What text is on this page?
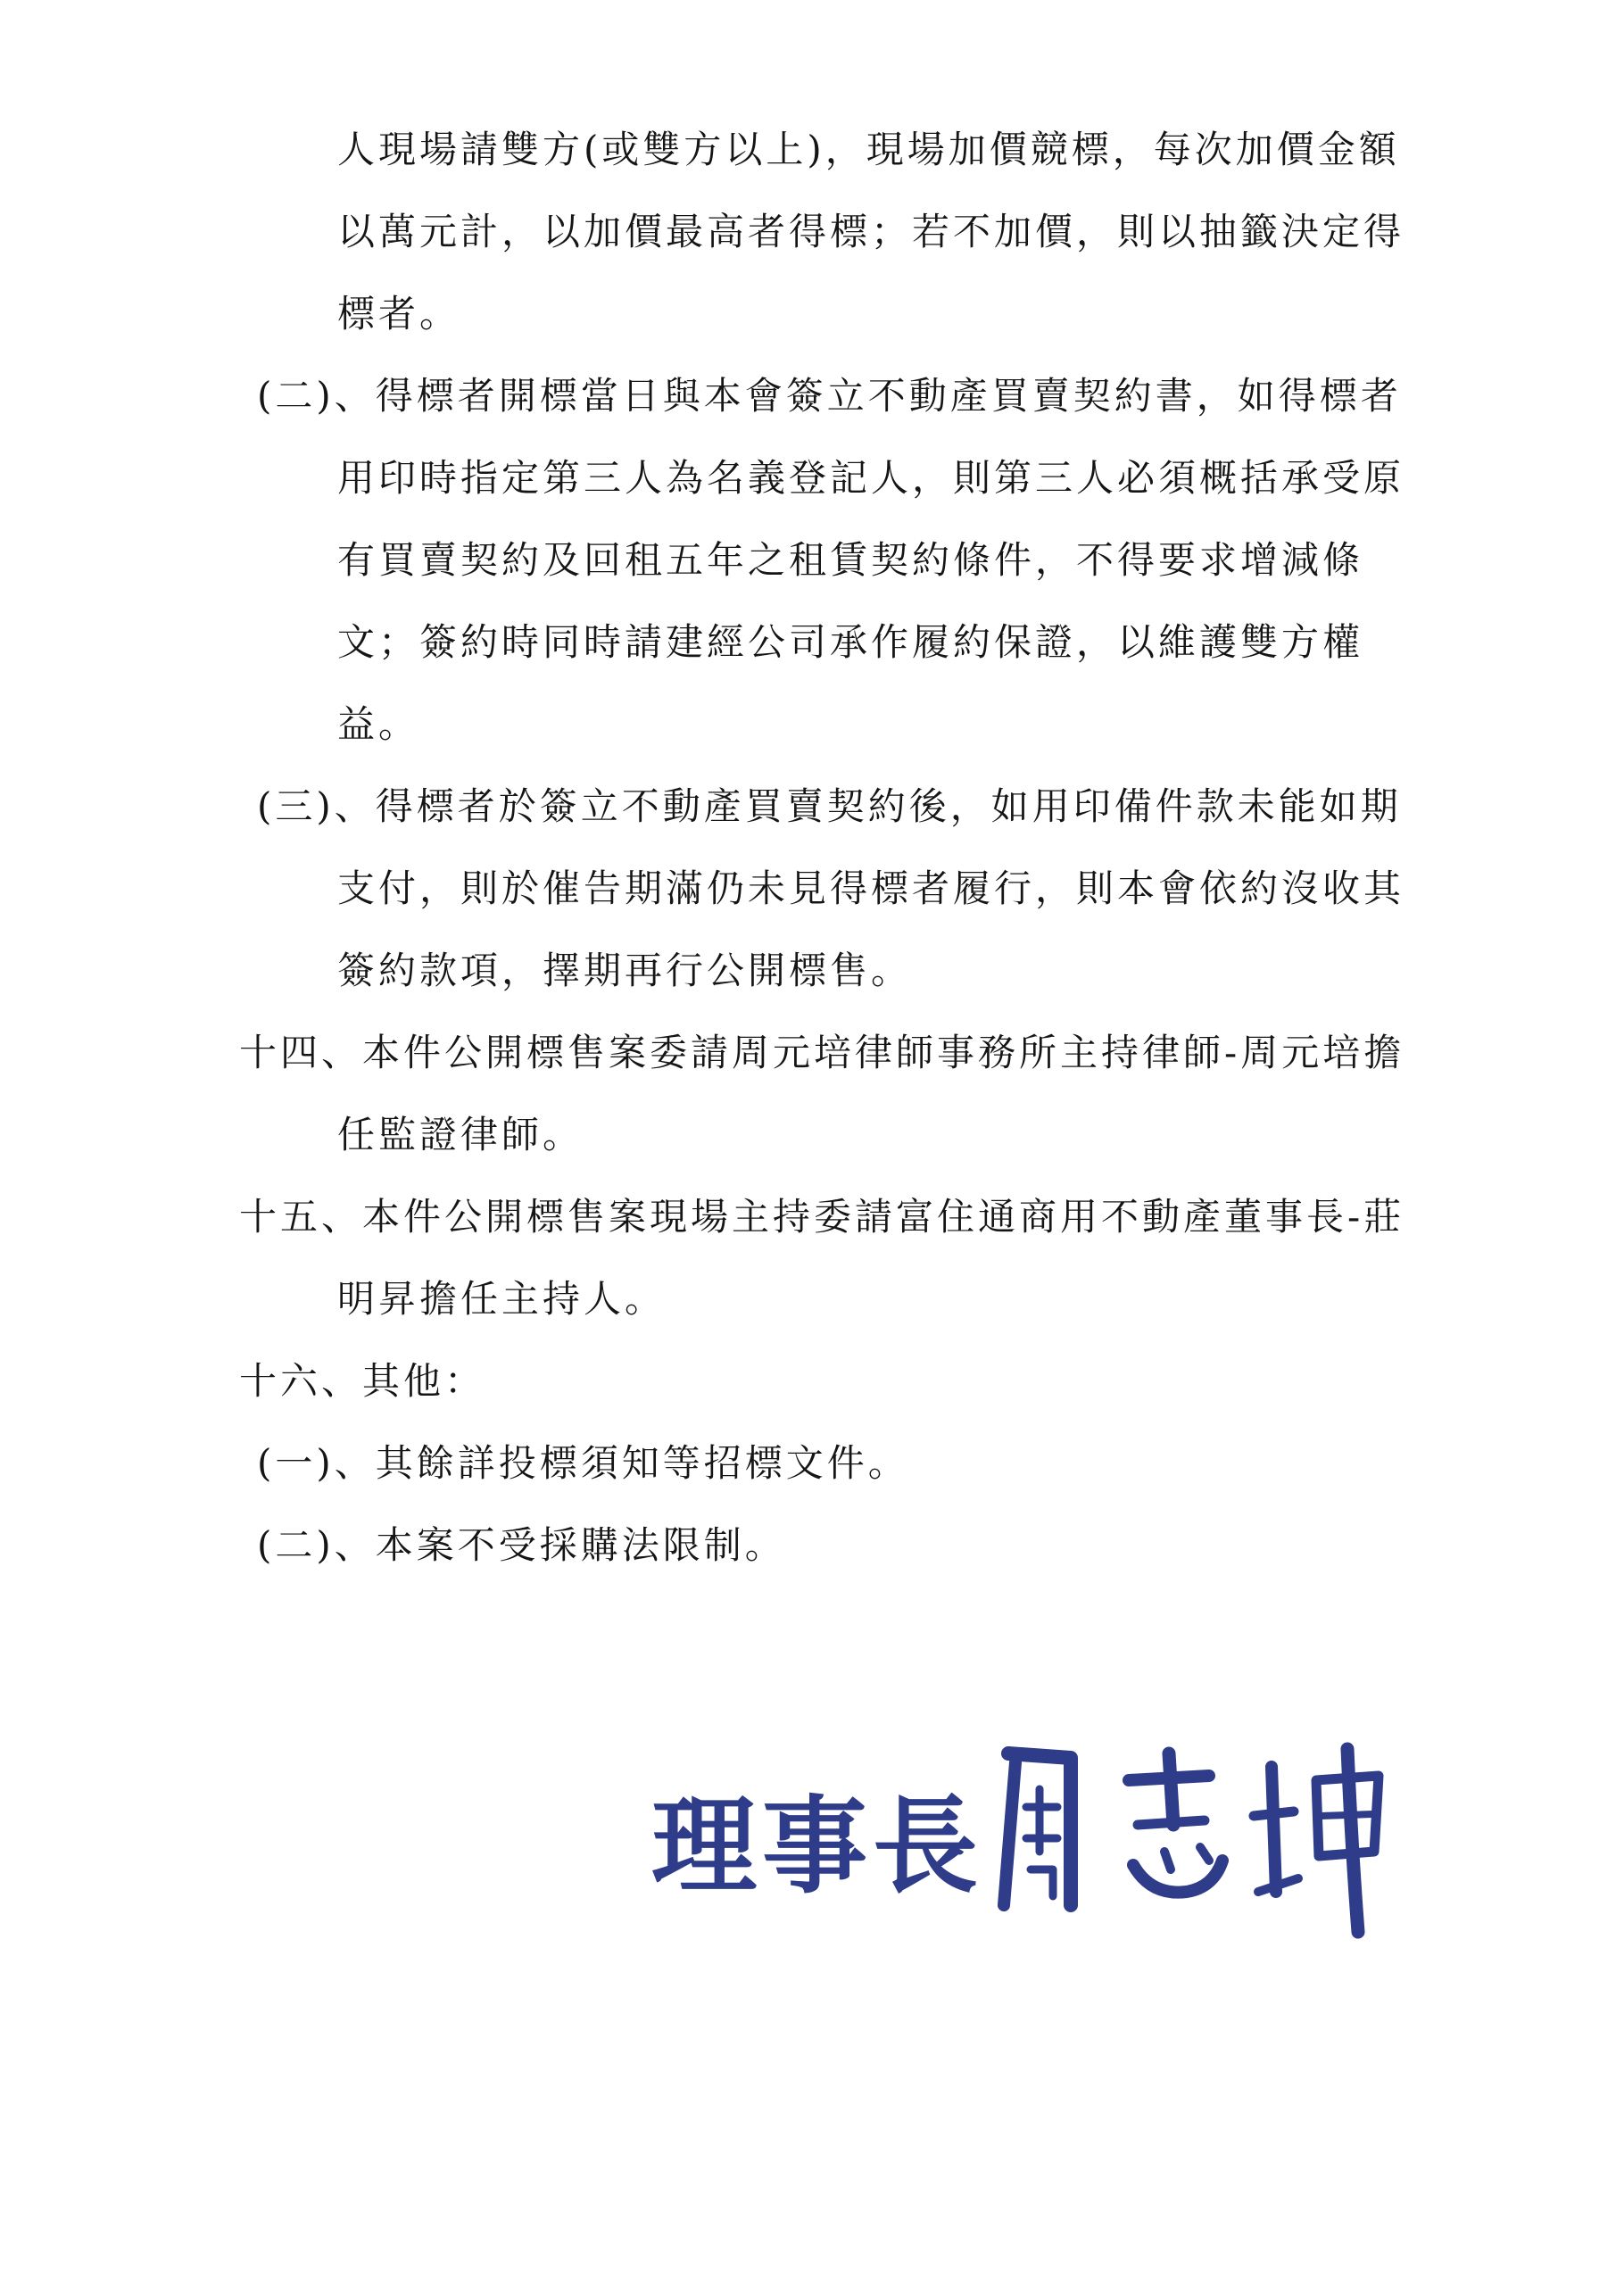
人現場請雙方(或雙方以上)，現場加價競標，每次加價金額
以萬元計，以加價最高者得標；若不加價，則以抽籤決定得
標者。
(二)、得標者開標當日與本會簽立不動產買賣契約書，如得標者
用印時指定第三人為名義登記人，則第三人必須概括承受原
有買賣契約及回租五年之租賃契約條件，不得要求增減條
文；簽約時同時請建經公司承作履約保證，以維護雙方權
益。
(三)、得標者於簽立不動產買賣契約後，如用印備件款未能如期
支付，則於催告期滿仍未見得標者履行，則本會依約沒收其
簽約款項，擇期再行公開標售。
十四、本件公開標售案委請周元培律師事務所主持律師-周元培擔
任監證律師。
十五、本件公開標售案現場主持委請富住通商用不動產董事長-莊
明昇擔任主持人。
十六、其他：
(一)、其餘詳投標須知等招標文件。
(二)、本案不受採購法限制。
理事長
